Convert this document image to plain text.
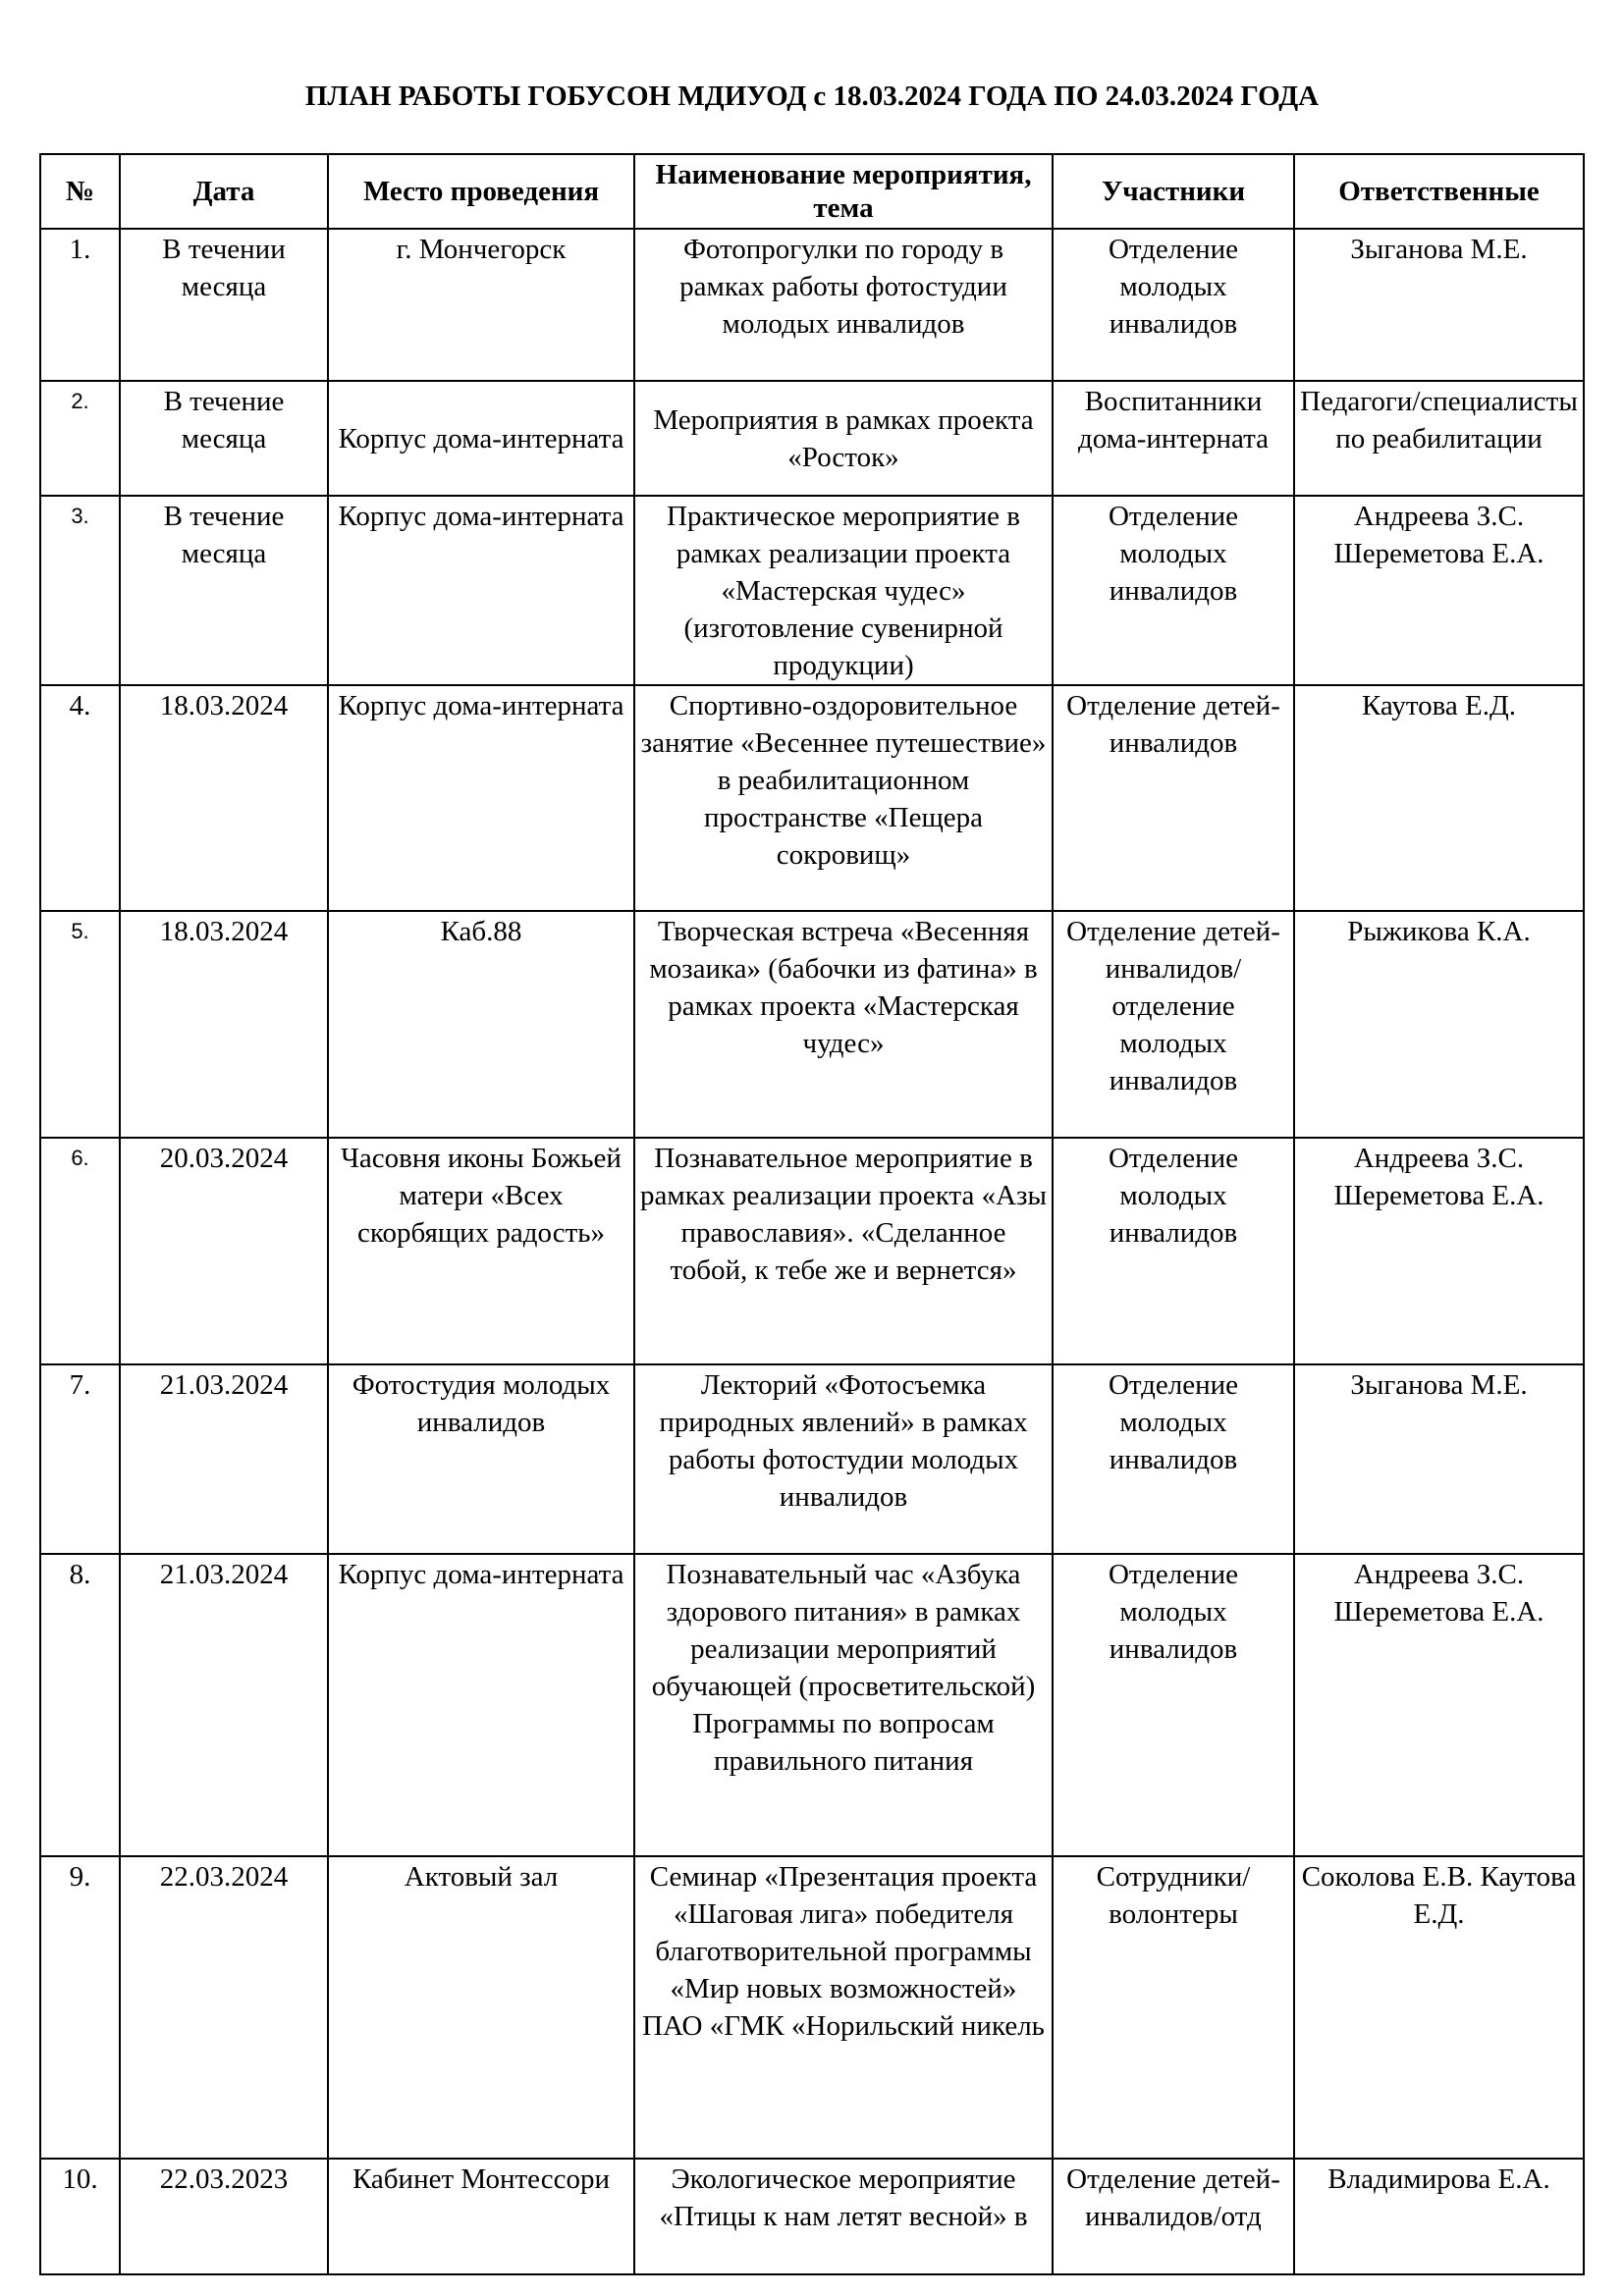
ПЛАН РАБОТЫ ГОБУСОН МДИУОД с 18.03.2024 ГОДА ПО 24.03.2024 ГОДА
№	Дата	Место проведения	Наименование мероприятия, тема	Участники	Ответственные
1.	В течении месяца	г. Мончегорск	Фотопрогулки по городу в рамках работы фотостудии молодых инвалидов	Отделение молодых инвалидов	Зыганова М.Е.
2.	В течение месяца	Корпус дома-интерната	Мероприятия в рамках проекта «Росток»	Воспитанники дома-интерната	Педагоги/специалисты по реабилитации
3.	В течение месяца	Корпус дома-интерната	Практическое мероприятие в рамках реализации проекта «Мастерская чудес» (изготовление сувенирной продукции)	Отделение молодых инвалидов	Андреева З.С. Шереметова Е.А.
4.	18.03.2024	Корпус дома-интерната	Спортивно-оздоровительное занятие «Весеннее путешествие» в реабилитационном пространстве «Пещера сокровищ»	Отделение детей-инвалидов	Каутова Е.Д.
5.	18.03.2024	Каб.88	Творческая встреча «Весенняя мозаика» (бабочки из фатина» в рамках проекта «Мастерская чудес»	Отделение детей-инвалидов/отделение молодых инвалидов	Рыжикова К.А.
6.	20.03.2024	Часовня иконы Божьей матери «Всех скорбящих радость»	Познавательное мероприятие в рамках реализации проекта «Азы православия». «Сделанное тобой, к тебе же и вернется»	Отделение молодых инвалидов	Андреева З.С. Шереметова Е.А.
7.	21.03.2024	Фотостудия молодых инвалидов	Лекторий «Фотосъемка природных явлений» в рамках работы фотостудии молодых инвалидов	Отделение молодых инвалидов	Зыганова М.Е.
8.	21.03.2024	Корпус дома-интерната	Познавательный час «Азбука здорового питания» в рамках реализации мероприятий обучающей (просветительской) Программы по вопросам правильного питания	Отделение молодых инвалидов	Андреева З.С. Шереметова Е.А.
9.	22.03.2024	Актовый зал	Семинар «Презентация проекта «Шаговая лига» победителя благотворительной программы «Мир новых возможностей» ПАО «ГМК «Норильский никель	Сотрудники/ волонтеры	Соколова Е.В. Каутова Е.Д.
10.	22.03.2023	Кабинет Монтессори	Экологическое мероприятие «Птицы к нам летят весной» в	Отделение детей-инвалидов/отд	Владимирова Е.А.
